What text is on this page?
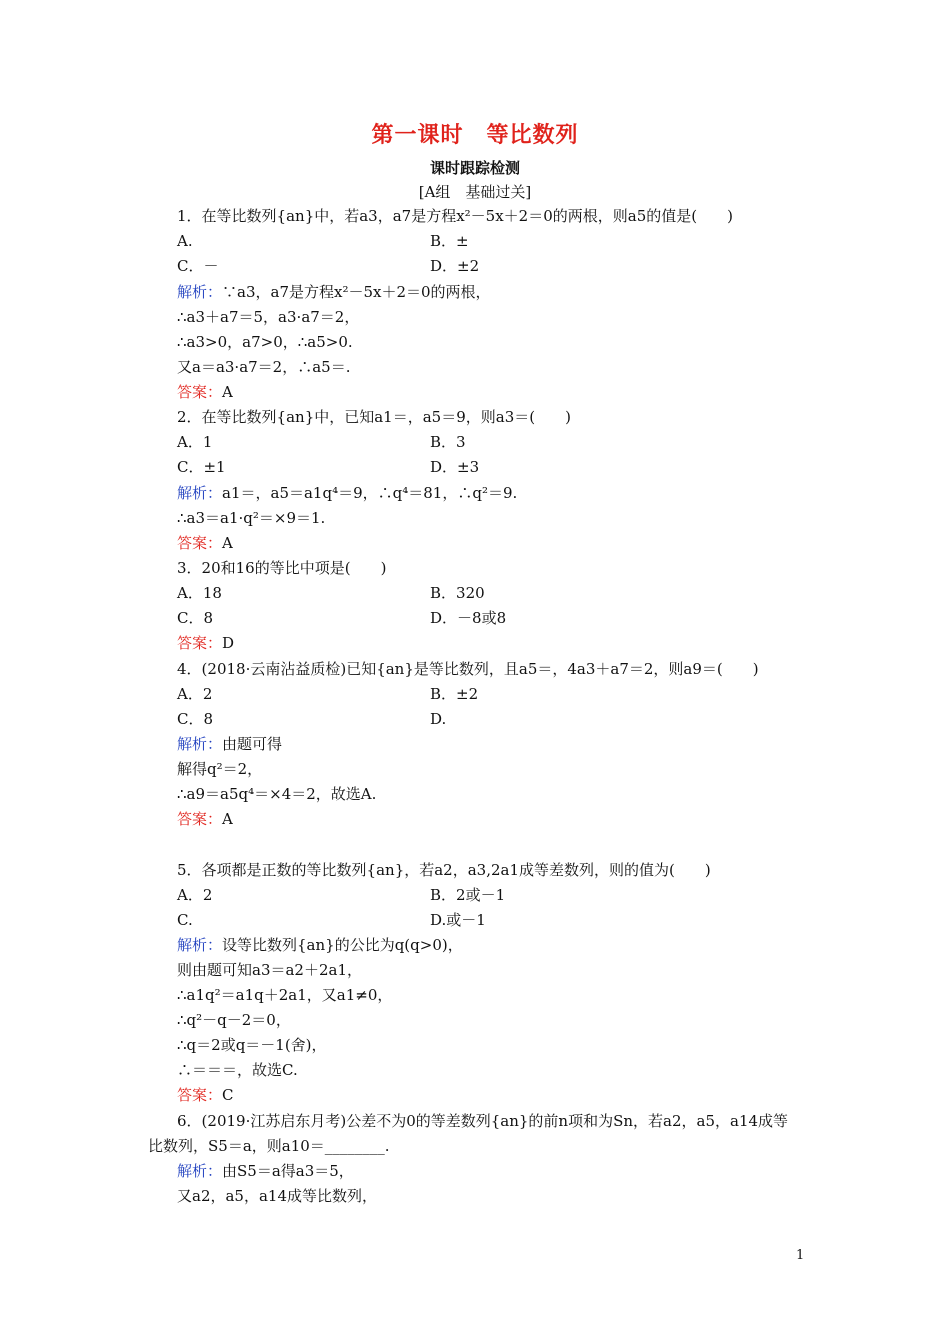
第一课时　等比数列
课时跟踪检测
[A组　基础过关]
1．在等比数列{an}中，若a3，a7是方程x²－5x＋2＝0的两根，则a5的值是(　　)
A.	B．±
C．－	D．±2
解析：∵a3，a7是方程x²－5x＋2＝0的两根，
∴a3＋a7＝5，a3·a7＝2，
∴a3>0，a7>0，∴a5>0.
又a＝a3·a7＝2，∴a5＝.
答案：A
2．在等比数列{an}中，已知a1＝，a5＝9，则a3＝(　　)
A．1	B．3
C．±1	D．±3
解析：a1＝，a5＝a1q⁴＝9，∴q⁴＝81，∴q²＝9.
∴a3＝a1·q²＝×9＝1.
答案：A
3．20和16的等比中项是(　　)
A．18	B．320
C．8	D．－8或8
答案：D
4．(2018·云南沾益质检)已知{an}是等比数列，且a5＝，4a3＋a7＝2，则a9＝(　　)
A．2	B．±2
C．8	D.
解析：由题可得
解得q²＝2，
∴a9＝a5q⁴＝×4＝2，故选A.
答案：A
5．各项都是正数的等比数列{an}，若a2，a3,2a1成等差数列，则的值为(　　)
A．2	B．2或－1
C.	D.或－1
解析：设等比数列{an}的公比为q(q>0)，
则由题可知a3＝a2＋2a1，
∴a1q²＝a1q＋2a1，又a1≠0，
∴q²－q－2＝0，
∴q＝2或q＝－1(舍)，
∴＝＝＝，故选C.
答案：C
6．(2019·江苏启东月考)公差不为0的等差数列{an}的前n项和为Sn，若a2，a5，a14成等
比数列，S5＝a，则a10＝________.
解析：由S5＝a得a3＝5，
又a2，a5，a14成等比数列，
1
